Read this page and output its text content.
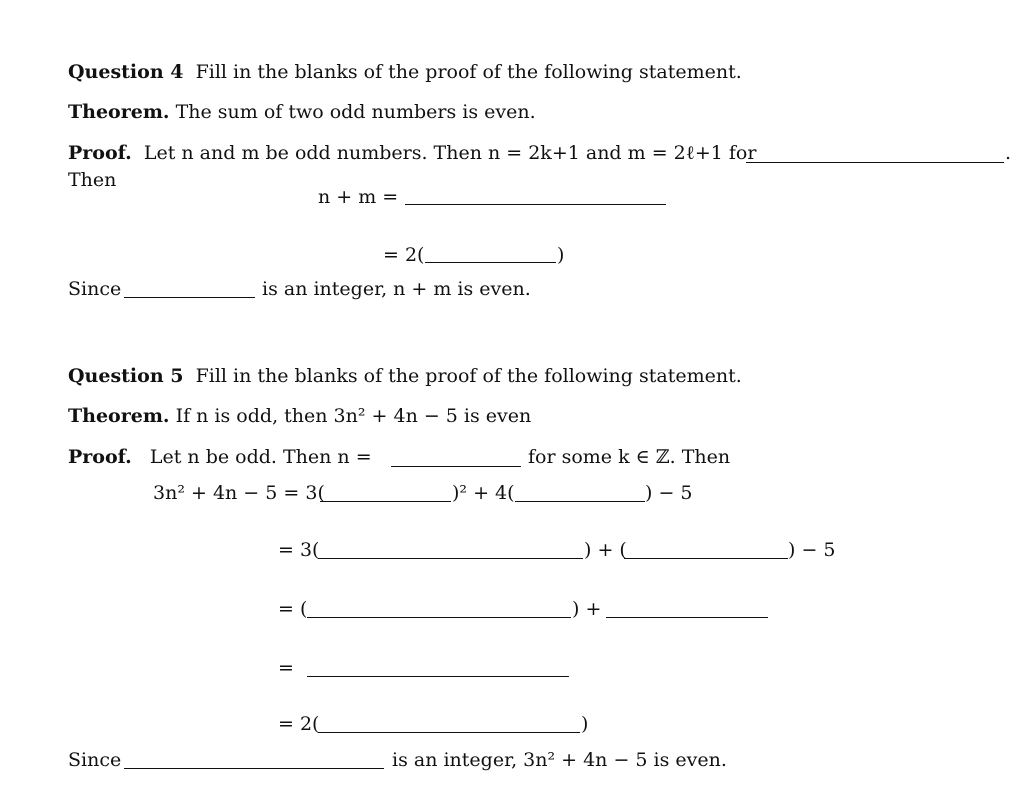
Question 4 Fill in the blanks of the proof of the following statement.
Theorem. The sum of two odd numbers is even.
Proof. Let n and m be odd numbers. Then n = 2k+1 and m = 2ℓ+1 for	.
Then
n + m =
= 2(	)
Since	is an integer, n + m is even.
Question 5 Fill in the blanks of the proof of the following statement.
Theorem. If n is odd, then 3n² + 4n − 5 is even
Proof. Let n be odd. Then n =	for some k ∈ ℤ. Then
3n² + 4n − 5 = 3(	)² + 4(	) − 5
= 3(	) + (	) − 5
= (	) +
=
= 2(	)
Since	is an integer, 3n² + 4n − 5 is even.
